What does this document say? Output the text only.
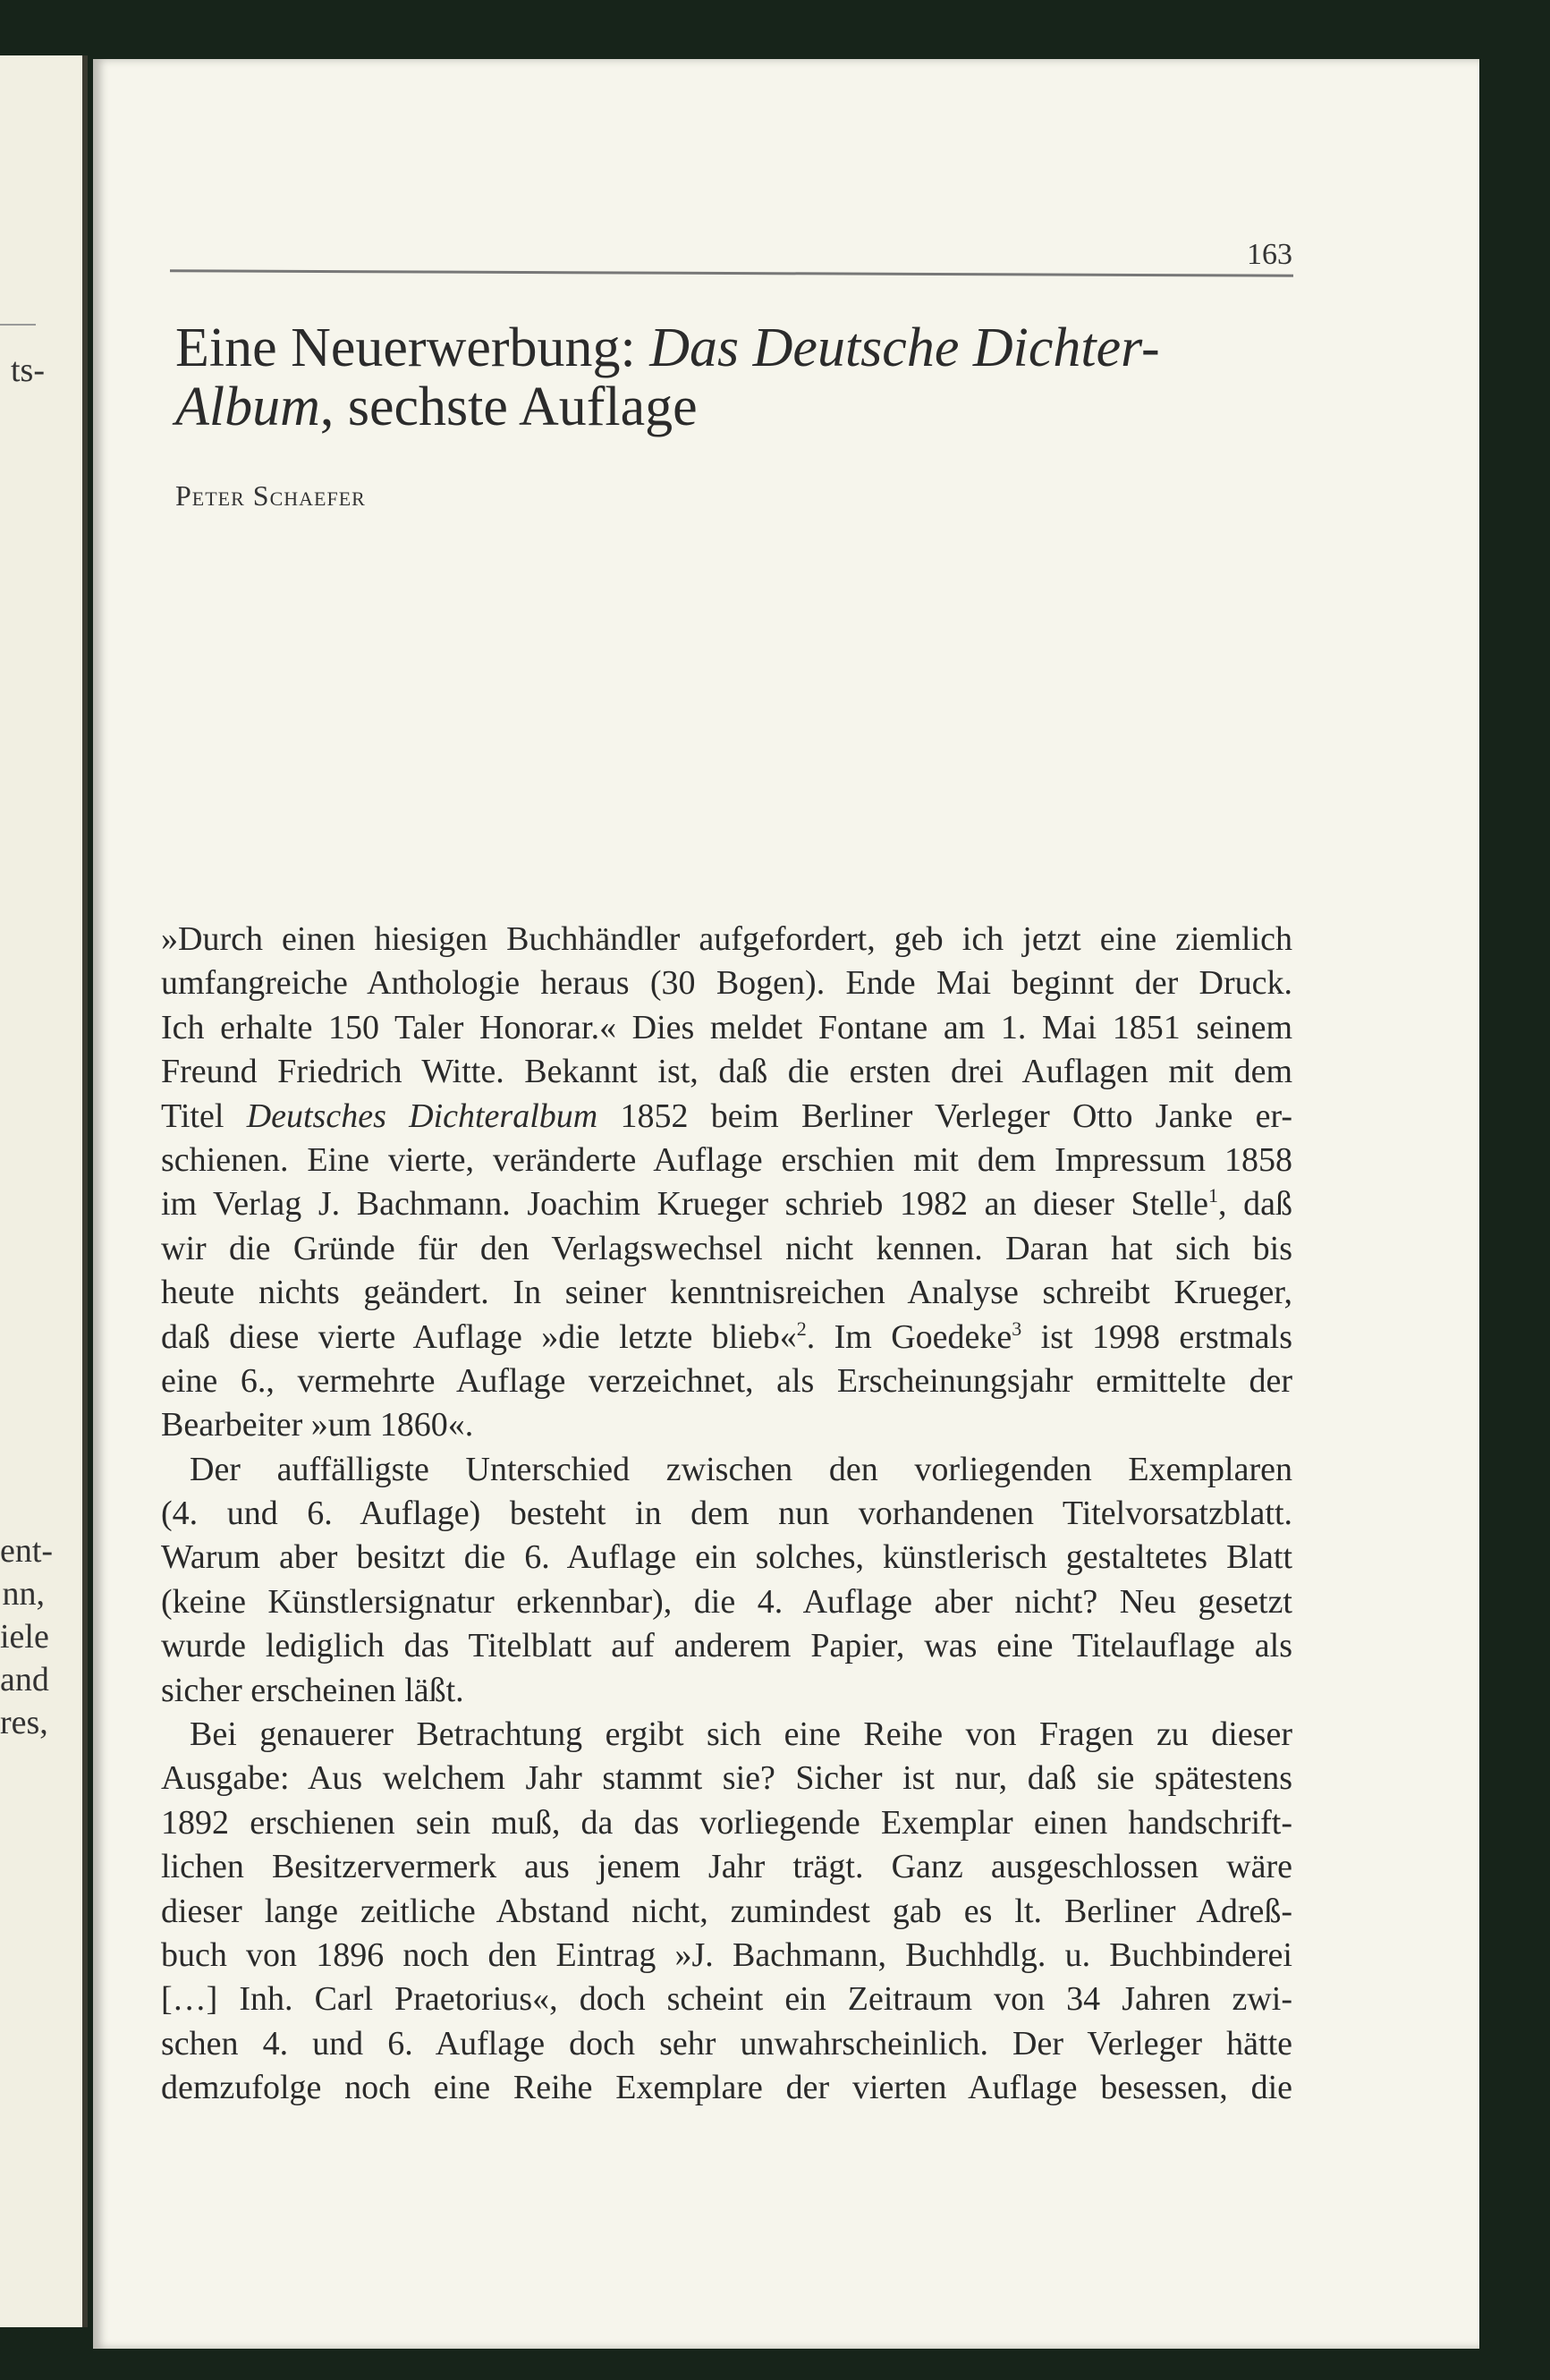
ts-
ent-
nn,
iele
and
res,
163
Eine Neuerwerbung: Das Deutsche Dichter-
Album, sechste Auflage
Peter Schaefer
»Durch einen hiesigen Buchhändler aufgefordert, geb ich jetzt eine ziemlich
umfangreiche Anthologie heraus (30 Bogen). Ende Mai beginnt der Druck.
Ich erhalte 150 Taler Honorar.« Dies meldet Fontane am 1. Mai 1851 seinem
Freund Friedrich Witte. Bekannt ist, daß die ersten drei Auflagen mit dem
Titel Deutsches Dichteralbum 1852 beim Berliner Verleger Otto Janke er-
schienen. Eine vierte, veränderte Auflage erschien mit dem Impressum 1858
im Verlag J. Bachmann. Joachim Krueger schrieb 1982 an dieser Stelle$^1$, daß
wir die Gründe für den Verlagswechsel nicht kennen. Daran hat sich bis
heute nichts geändert. In seiner kenntnisreichen Analyse schreibt Krueger,
daß diese vierte Auflage »die letzte blieb«$^2$. Im Goedeke$^3$ ist 1998 erstmals
eine 6., vermehrte Auflage verzeichnet, als Erscheinungsjahr ermittelte der
Bearbeiter »um 1860«.
Der auffälligste Unterschied zwischen den vorliegenden Exemplaren
(4. und 6. Auflage) besteht in dem nun vorhandenen Titelvorsatzblatt.
Warum aber besitzt die 6. Auflage ein solches, künstlerisch gestaltetes Blatt
(keine Künstlersignatur erkennbar), die 4. Auflage aber nicht? Neu gesetzt
wurde lediglich das Titelblatt auf anderem Papier, was eine Titelauflage als
sicher erscheinen läßt.
Bei genauerer Betrachtung ergibt sich eine Reihe von Fragen zu dieser
Ausgabe: Aus welchem Jahr stammt sie? Sicher ist nur, daß sie spätestens
1892 erschienen sein muß, da das vorliegende Exemplar einen handschrift-
lichen Besitzervermerk aus jenem Jahr trägt. Ganz ausgeschlossen wäre
dieser lange zeitliche Abstand nicht, zumindest gab es lt. Berliner Adreß-
buch von 1896 noch den Eintrag »J. Bachmann, Buchhdlg. u. Buchbinderei
[…] Inh. Carl Praetorius«, doch scheint ein Zeitraum von 34 Jahren zwi-
schen 4. und 6. Auflage doch sehr unwahrscheinlich. Der Verleger hätte
demzufolge noch eine Reihe Exemplare der vierten Auflage besessen, die
